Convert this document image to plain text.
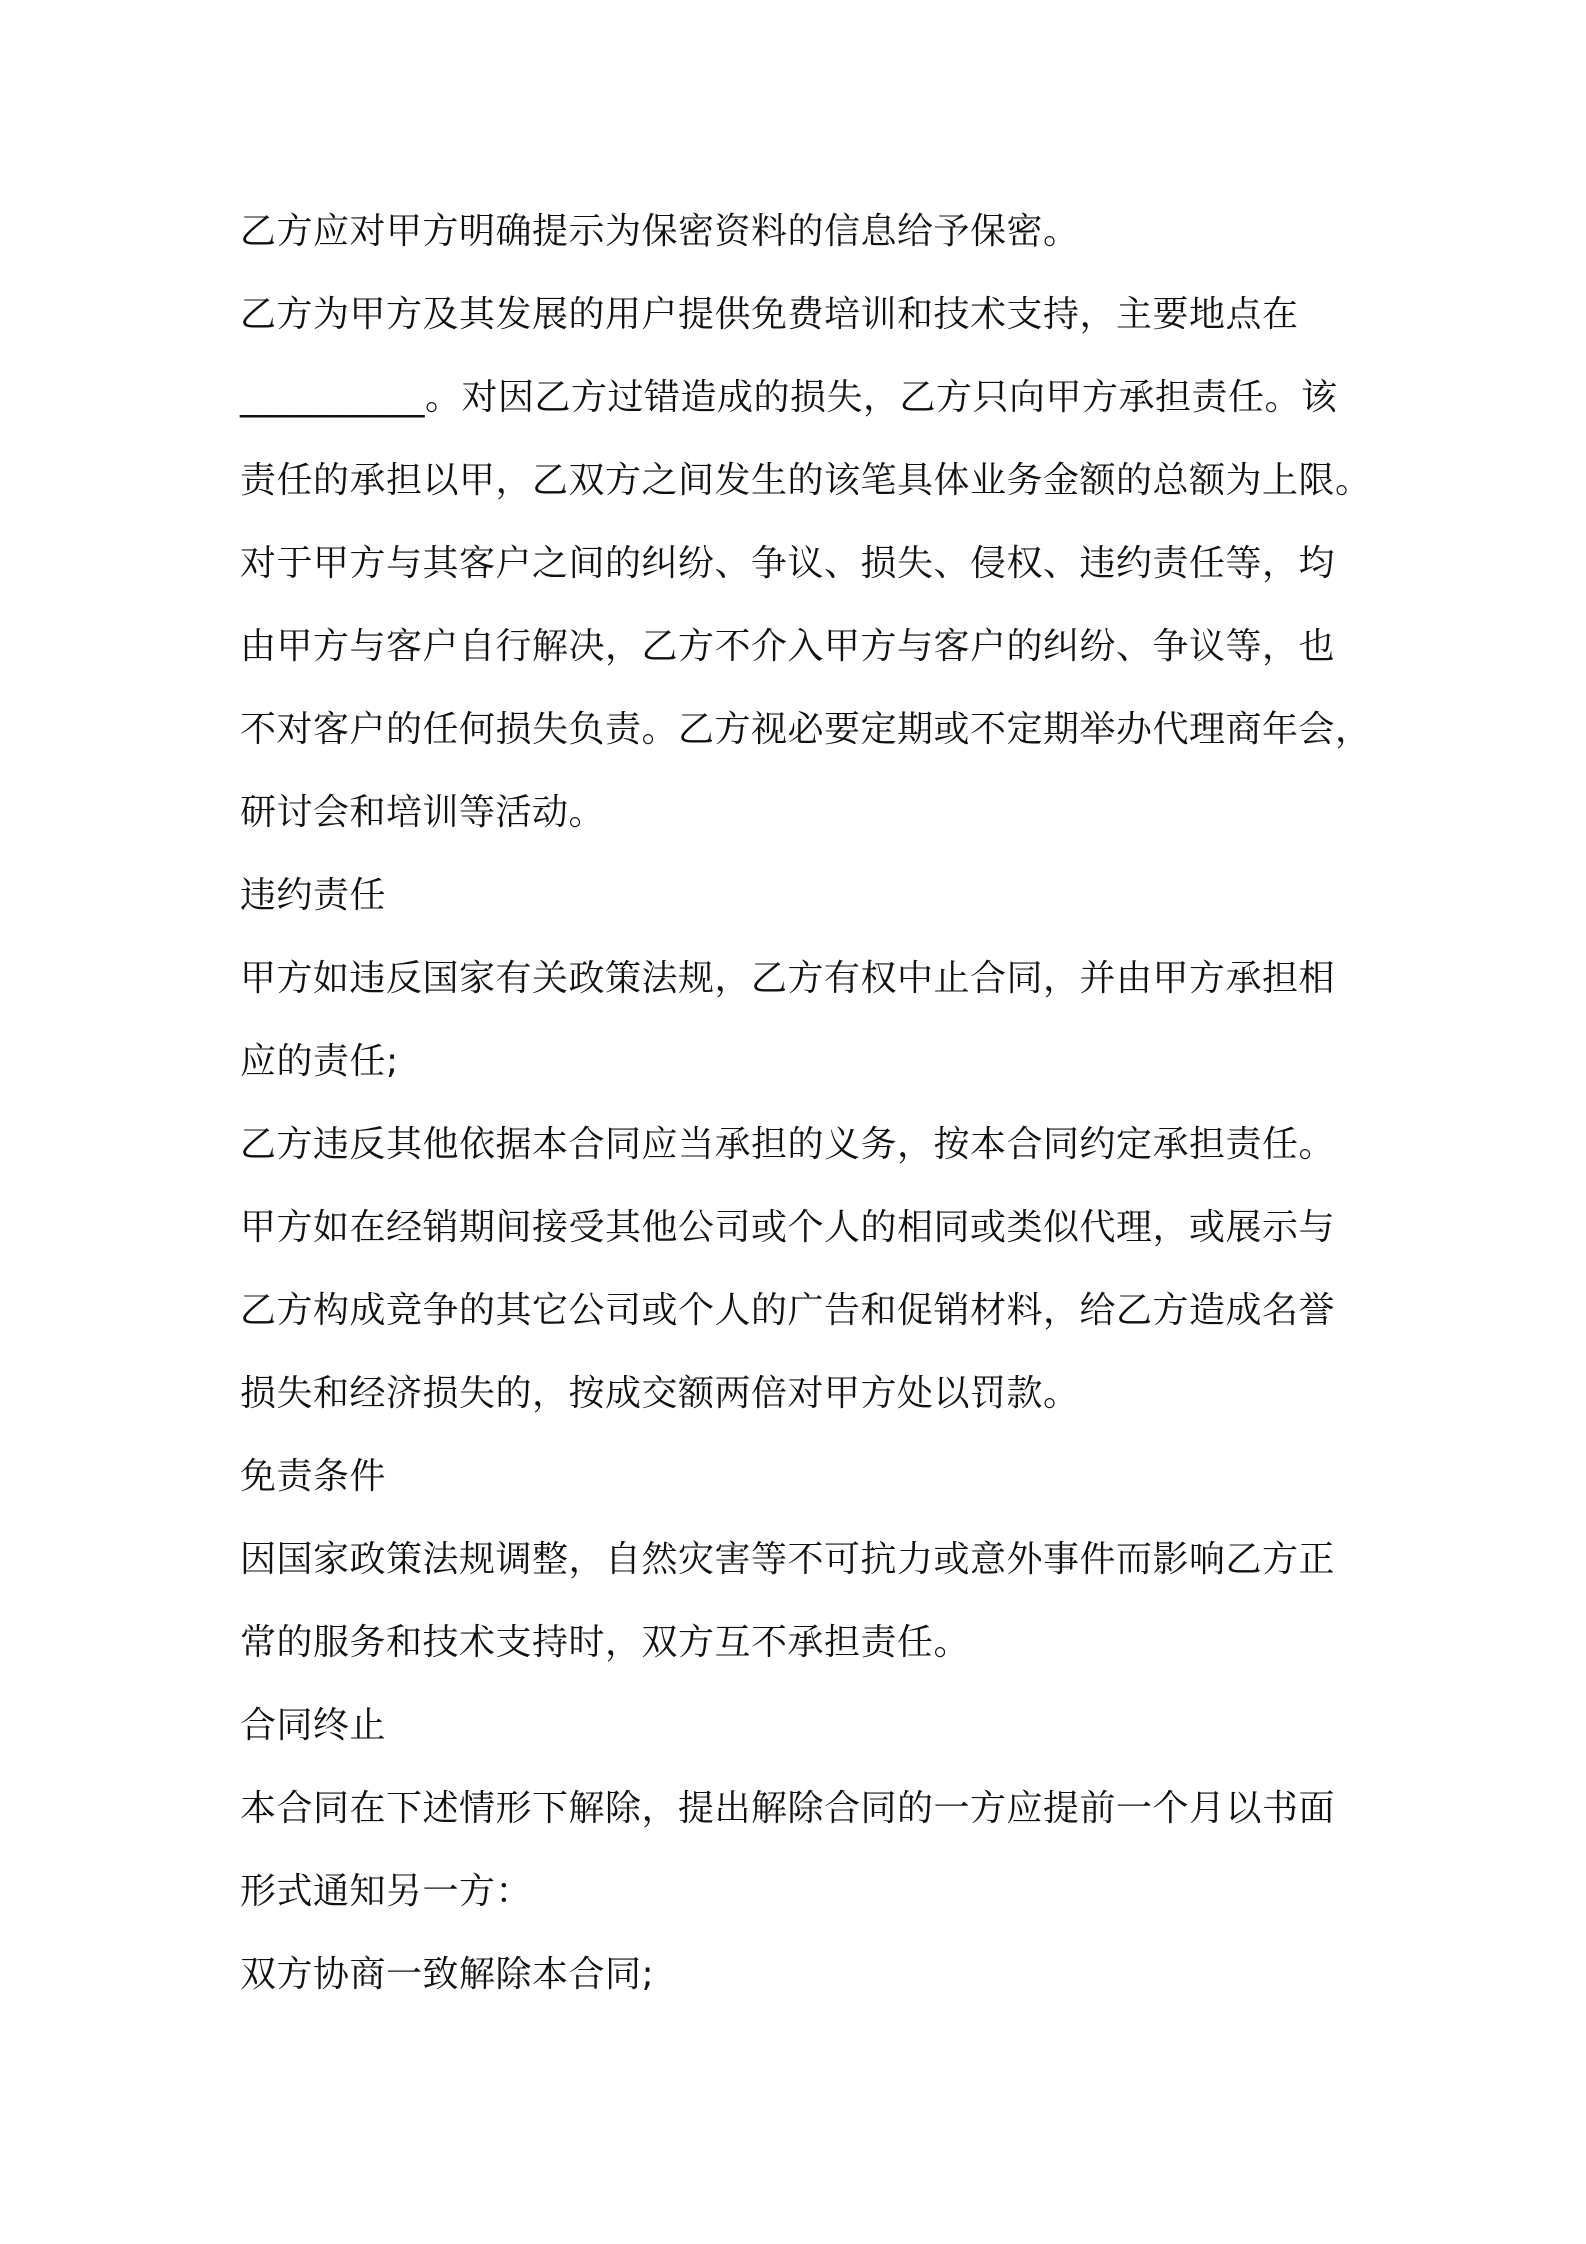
乙方应对甲方明确提示为保密资料的信息给予保密。
乙方为甲方及其发展的用户提供免费培训和技术支持，主要地点在
__________。对因乙方过错造成的损失，乙方只向甲方承担责任。该
责任的承担以甲，乙双方之间发生的该笔具体业务金额的总额为上限。
对于甲方与其客户之间的纠纷、争议、损失、侵权、违约责任等，均
由甲方与客户自行解决，乙方不介入甲方与客户的纠纷、争议等，也
不对客户的任何损失负责。乙方视必要定期或不定期举办代理商年会，
研讨会和培训等活动。
违约责任
甲方如违反国家有关政策法规，乙方有权中止合同，并由甲方承担相
应的责任;
乙方违反其他依据本合同应当承担的义务，按本合同约定承担责任。
甲方如在经销期间接受其他公司或个人的相同或类似代理，或展示与
乙方构成竞争的其它公司或个人的广告和促销材料，给乙方造成名誉
损失和经济损失的，按成交额两倍对甲方处以罚款。
免责条件
因国家政策法规调整，自然灾害等不可抗力或意外事件而影响乙方正
常的服务和技术支持时，双方互不承担责任。
合同终止
本合同在下述情形下解除，提出解除合同的一方应提前一个月以书面
形式通知另一方：
双方协商一致解除本合同;
